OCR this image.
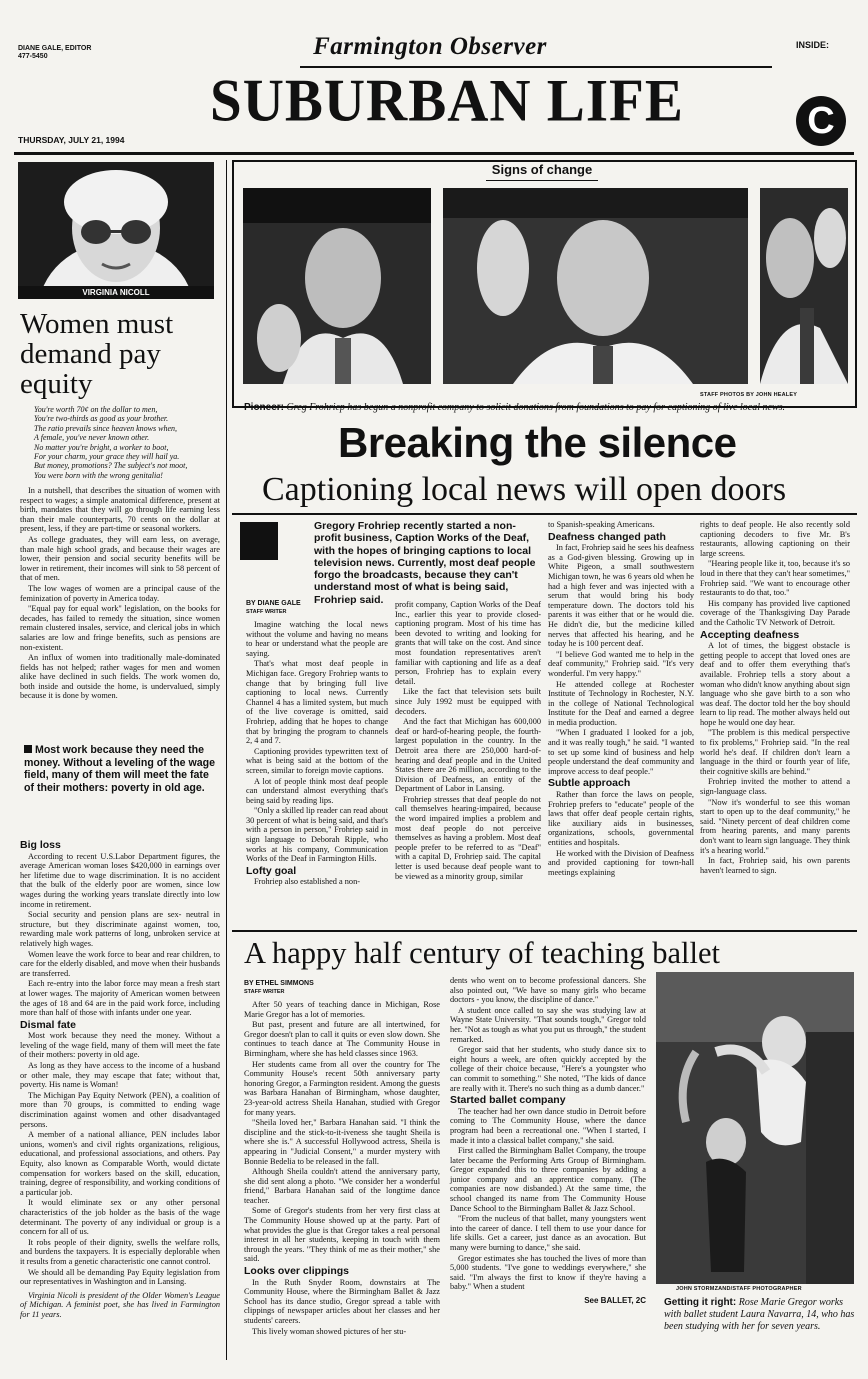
DIANE GALE, EDITOR
477-5450	Farmington Observer	INSIDE:
SUBURBAN LIFE	C
THURSDAY, JULY 21, 1994
VIRGINIA NICOLL
Women must demand pay equity
You're worth 70¢ on the dollar to men,
You're two-thirds as good as your brother.
The ratio prevails since heaven knows when,
A female, you've never known other.
No matter you're bright, a worker to boot,
For your charm, your grace they will hail ya.
But money, promotions? The subject's not moot,
You were born with the wrong genitalia!

In a nutshell, that describes the situation of women with respect to wages; a simple anatomical difference, present at birth, mandates that they will go through life earning less than their male counterparts, 70 cents on the dollar at present, less, if they are part-time or seasonal workers.

As college graduates, they will earn less, on average, than male high school grads, and because their wages are lower, their pension and social security benefits will be lower in retirement, their incomes will sink to 58 percent of that of men.

The low wages of women are a principal cause of the feminization of poverty in America today.

"Equal pay for equal work" legislation, on the books for decades, has failed to remedy the situation, since women remain clustered insales, service, and clerical jobs in which salaries are low and fringe benefits, such as pensions are non-existent.

An influx of women into traditionally male-dominated fields has not helped; rather wages for men and women alike have declined in such fields. The work women do, both inside and outside the home, is undervalued, simply because it is done by women.

Most work because they need the money. Without a leveling of the wage field, many of them will meet the fate of their mothers: poverty in old age.
Big loss

According to recent U.S.Labor Department figures, the average American woman loses $420,000 in earnings over her lifetime due to wage discrimination. It is no accident that the bulk of the elderly poor are women, since low wages during the working years translate directly into low income in retirement.

Social security and pension plans are sex- neutral in structure, but they discriminate against women, too, rewarding male work patterns of long, unbroken service at relatively high wages.

Women leave the work force to bear and rear children, to care for the elderly disabled, and move when their husbands are transferred.

Each re-entry into the labor force may mean a fresh start at lower wages. The majority of American women between the ages of 18 and 64 are in the paid work force, including more than half of those with infants under one year.

Dismal fate

Most work because they need the money. Without a leveling of the wage field, many of them will meet the fate of their mothers: poverty in old age.

As long as they have access to the income of a husband or other male, they may escape that fate; without that, poverty. His name is Woman!

The Michigan Pay Equity Network (PEN), a coalition of more than 70 groups, is committed to ending wage discrimination against women and other disadvantaged persons.

A member of a national alliance, PEN includes labor unions, women's and civil rights organizations, religious, educational, and professional associations, and others. Pay Equity, also known as Comparable Worth, would dictate compensation for workers based on the skill, education, training, degree of responsibility, and working conditions of a particular job.

It would eliminate sex or any other personal characteristics of the job holder as the basis of the wage determinant. The poverty of any individual or group is a concern for all of us.

It robs people of their dignity, swells the welfare rolls, and burdens the taxpayers. It is especially deplorable when it results from a genetic characteristic one cannot control.

We should all be demanding Pay Equity legislation from our representatives in Washington and in Lansing.

Virginia Nicoli is president of the Older Women's League of Michigan. A feminist poet, she has lived in Farmington for 11 years.

Signs of change
STAFF PHOTOS BY JOHN HEALEY
Pioneer: Greg Frohriep has begun a nonprofit company to solicit donations from foundations to pay for captioning of live local news.
Breaking the silence
Captioning local news will open doors
Gregory Frohriep recently started a non-profit business, Caption Works of the Deaf, with the hopes of bringing captions to local television news. Currently, most deaf people forgo the broadcasts, because they can't understand most of what is being said, Frohriep said.
BY DIANE GALE
STAFF WRITER

Imagine watching the local news without the volume and having no means to hear or understand what the people are saying.

That's what most deaf people in Michigan face. Gregory Frohriep wants to change that by bringing full live captioning to local news. Currently Channel 4 has a limited system, but much of the live coverage is omitted, said Frohriep, adding that he hopes to change that by bringing the program to channels 2, 4 and 7.

Captioning provides typewritten text of what is being said at the bottom of the screen, similar to foreign movie captions.

A lot of people think most deaf people can understand almost everything that's being said by reading lips.

"Only a skilled lip reader can read about 30 percent of what is being said, and that's with a person in person," Frohriep said in sign language to Deborah Ripple, who works at his company, Communication Works of the Deaf in Farmington Hills.

Lofty goal

Frohriep also established a non-

profit company, Caption Works of the Deaf Inc., earlier this year to provide closed-captioning program. Most of his time has been devoted to writing and looking for grants that will take on the cost. And since most foundation representatives aren't familiar with captioning and life as a deaf person, Frohriep has to explain every detail.

Like the fact that television sets built since July 1992 must be equipped with decoders.

And the fact that Michigan has 600,000 deaf or hard-of-hearing people, the fourth-largest population in the country. In the Detroit area there are 250,000 hard-of-hearing and deaf people and in the United States there are 26 million, according to the Division of Deafness, an entity of the Department of Labor in Lansing.

Frohriep stresses that deaf people do not call themselves hearing-impaired, because the word impaired implies a problem and most deaf people do not perceive themselves as having a problem. Most deaf people prefer to be referred to as "Deaf" with a capital D, Frohriep said. The capital letter is used because deaf people want to be viewed as a minority group, similar

to Spanish-speaking Americans.

Deafness changed path

In fact, Frohriep said he sees his deafness as a God-given blessing. Growing up in White Pigeon, a small southwestern Michigan town, he was 6 years old when he had a high fever and was injected with a serum that would bring his body temperature down. The doctors told his parents it was either that or he would die. He didn't die, but the medicine killed nerves that affected his hearing, and he today he is 100 percent deaf.

"I believe God wanted me to help in the deaf community," Frohriep said. "It's very wonderful. I'm very happy."

He attended college at Rochester Institute of Technology in Rochester, N.Y. in the college of National Technological Institute for the Deaf and earned a degree in media production.

"When I graduated I looked for a job, and it was really tough," he said. "I wanted to set up some kind of business and help people understand the deaf community and improve access to deaf people."

Subtle approach

Rather than force the laws on people, Frohriep prefers to "educate" people of the laws that offer deaf people certain rights, like auxiliary aids in businesses, organizations, schools, governmental entities and hospitals.

He worked with the Division of Deafness and provided captioning for town-hall meetings explaining

rights to deaf people. He also recently sold captioning decoders to five Mr. B's restaurants, allowing captioning on their large screens.

"Hearing people like it, too, because it's so loud in there that they can't hear sometimes," Frohriep said. "We want to encourage other restaurants to do that, too."

His company has provided live captioned coverage of the Thanksgiving Day Parade and the Catholic TV Network of Detroit.

Accepting deafness

A lot of times, the biggest obstacle is getting people to accept that loved ones are deaf and to offer them everything that's available. Frohriep tells a story about a woman who didn't know anything about sign language who she gave birth to a son who was deaf. The doctor told her the boy should learn to lip read. The mother always held out hope he would one day hear.

"The problem is this medical perspective to fix problems," Frohriep said. "In the real world he's deaf. If children don't learn a language in the third or fourth year of life, their cognitive skills are behind."

Frohriep invited the mother to attend a sign-language class.

"Now it's wonderful to see this woman start to open up to the deaf community," he said. "Ninety percent of deaf children come from hearing parents, and many parents don't want to learn sign language. They think it's a hearing world."

In fact, Frohriep said, his own parents haven't learned to sign.

A happy half century of teaching ballet
BY ETHEL SIMMONS
STAFF WRITER

After 50 years of teaching dance in Michigan, Rose Marie Gregor has a lot of memories.

But past, present and future are all intertwined, for Gregor doesn't plan to call it quits or even slow down. She continues to teach dance at The Community House in Birmingham, where she has held classes since 1963.

Her students came from all over the country for The Community House's recent 50th anniversary party honoring Gregor, a Farmington resident. Among the guests was Barbara Hanahan of Birmingham, whose daughter, 23-year-old actress Sheila Hanahan, studied with Gregor for many years.

"Sheila loved her," Barbara Hanahan said. "I think the discipline and the stick-to-it-iveness she taught Sheila is where she is." A successful Hollywood actress, Sheila is appearing in "Judicial Consent," a murder mystery with Bonnie Bedelia to be released in the fall.

Although Sheila couldn't attend the anniversary party, she did sent along a photo. "We consider her a wonderful friend," Barbara Hanahan said of the longtime dance teacher.

Some of Gregor's students from her very first class at The Community House showed up at the party. Part of what provides the glue is that Gregor takes a real personal interest in all her students, keeping in touch with them through the years. "They think of me as their mother," she said.

Looks over clippings

In the Ruth Snyder Room, downstairs at The Community House, where the Birmingham Ballet & Jazz School has its dance studio, Gregor spread a table with clippings of newspaper articles about her classes and her students' careers.

This lively woman showed pictures of her stu-

dents who went on to become professional dancers. She also pointed out, "We have so many girls who became doctors - you know, the discipline of dance."

A student once called to say she was studying law at Wayne State University. "That sounds tough," Gregor told her. "Not as tough as what you put us through," the student remarked.

Gregor said that her students, who study dance six to eight hours a week, are often quickly accepted by the college of their choice because, "Here's a youngster who can commit to something." She noted, "The kids of dance are really with it. There's no such thing as a dumb dancer."

Started ballet company

The teacher had her own dance studio in Detroit before coming to The Community House, where the dance program had been a recreational one. "When I started, I made it into a classical ballet company," she said.

First called the Birmingham Ballet Company, the troupe later became the Performing Arts Group of Birmingham. Gregor expanded this to three companies by adding a junior company and an apprentice company. (The companies are now disbanded.) At the same time, the school changed its name from The Community House Dance School to the Birmingham Ballet & Jazz School.

"From the nucleus of that ballet, many youngsters went into the career of dance. I tell them to use your dance for life skills. Get a career, just dance as an avocation. But many were burning to dance," she said.

Gregor estimates she has touched the lives of more than 5,000 students. "I've gone to weddings everywhere," she said. "I'm always the first to know if they're having a baby." When a student

See BALLET, 2C
JOHN STORMZAND/STAFF PHOTOGRAPHER
Getting it right: Rose Marie Gregor works with ballet student Laura Navarra, 14, who has been studying with her for seven years.
